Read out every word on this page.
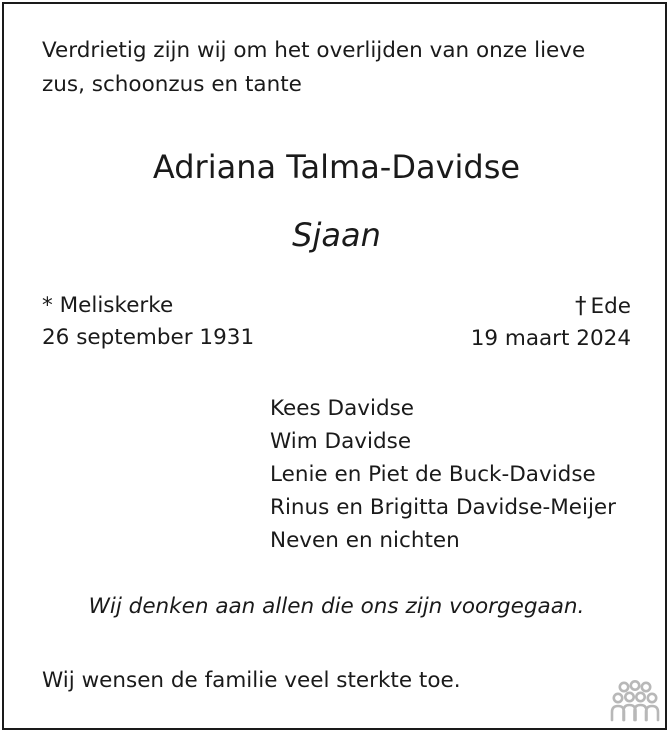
Verdrietig zijn wij om het overlijden van onze lieve
zus, schoonzus en tante
Adriana Talma-Davidse
Sjaan
* Meliskerke
26 september 1931
† Ede
19 maart 2024
Kees Davidse
Wim Davidse
Lenie en Piet de Buck-Davidse
Rinus en Brigitta Davidse-Meijer
Neven en nichten
Wij denken aan allen die ons zijn voorgegaan.
Wij wensen de familie veel sterkte toe.
